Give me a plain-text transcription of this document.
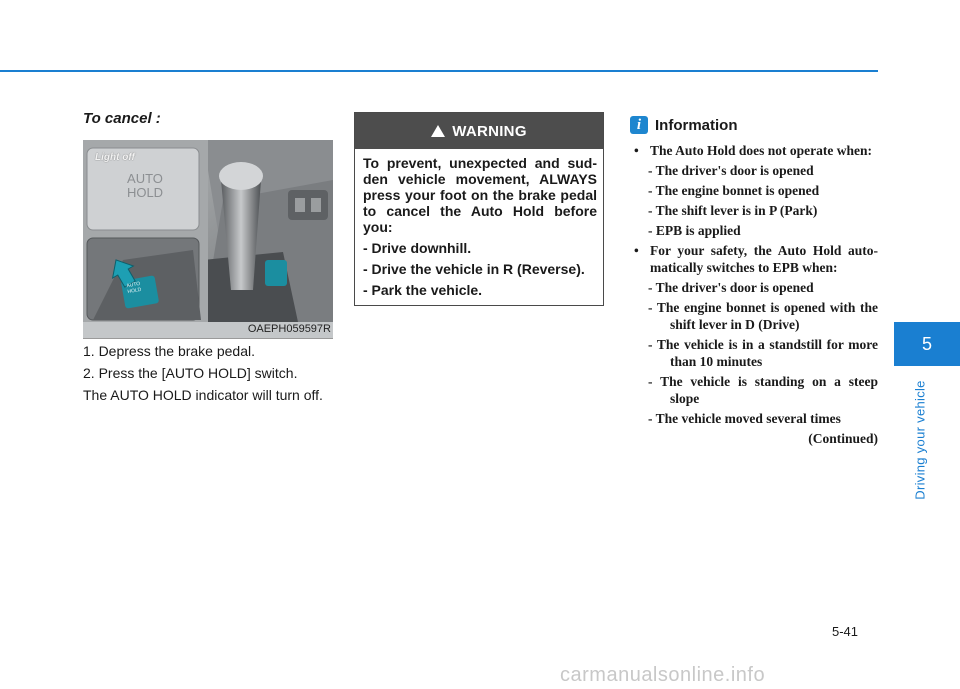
To cancel :
Light off
AUTO
HOLD
AUTO
HOLD
OAEPH059597R

1. Depress the brake pedal.

2. Press the [AUTO HOLD] switch.

The AUTO HOLD indicator will turn off.

WARNING

To prevent, unexpected and sud-den vehicle movement, ALWAYS press your foot on the brake pedal to cancel the Auto Hold before you:

- Drive downhill.

- Drive the vehicle in R (Reverse).

- Park the vehicle.

i Information

• The Auto Hold does not operate when:

- The driver's door is opened

- The engine bonnet is opened

- The shift lever is in P (Park)

- EPB is applied

• For your safety, the Auto Hold auto-matically switches to EPB when:

- The driver's door is opened

- The engine bonnet is opened with the shift lever in D (Drive)

- The vehicle is in a standstill for more than 10 minutes

- The vehicle is standing on a steep slope

- The vehicle moved several times

(Continued)

5
Driving your vehicle
5-41
carmanualsonline.info
